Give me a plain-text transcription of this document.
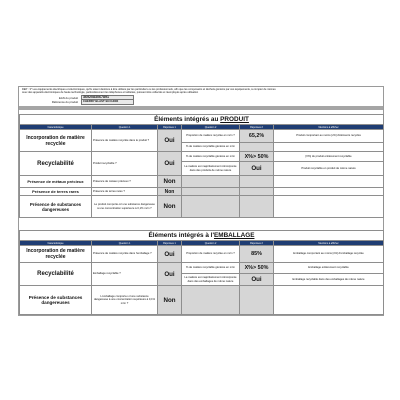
DEP : 3° Les équipements électriques et électroniques, qu'ils soient destinés à être utilisés par les particuliers ou les professionnels, afin que les composants et déchets générés par ces équipements, à compter de mêmes
ceux des appareils électroniques de haute technologie, particulièrement les téléphones et tablettes, puissent être collectés et réemployés après utilisation
EAN du produit	3692083067891
Référence du produit	CHERRY BLAST 99 CHOIX
Éléments intégrés au PRODUIT					
Caractéristique	Question 1	Réponses 1	Question 2	Réponses 2	Mentions à afficher
Incorporation de matière recyclée	Présence de matière recyclée dans le produit ?	Oui	Proportion de matière recyclée en m/m ?	65,2%	Produit comportant au moins [x%] d'éléments recyclés
			% de matière recyclable générée en m/m		
Recyclabilité	Produit recyclable ?	Oui	% de matière recyclable générée en m/m	X%> 50%	[X%] du produit entièrement recyclable
			La matière est majoritairement réincorporée dans des produits de même nature	Oui	Produit recyclable en produit de même nature
Présence de métaux précieux	Présence de métaux précieux ?	Non			
Présence de terres rares	Présence de terres rares ?	Non			
Présence de substances dangereuses	Le produit comporte-t-il une substance dangereuse à une concentration supérieure à 0,1% m/m ?	Non			
Éléments intégrés à l'EMBALLAGE					
Caractéristique	Question 1	Réponses 1	Question 2	Réponses 2	Mentions à afficher
Incorporation de matière recyclée	Présence de matière recyclée dans l'emballage ?	Oui	Proportion de matière recyclée en m/m ?	85%	Emballage comportant au moins [x%] d'emballage recyclée
Recyclabilité	Emballage recyclable ?	Oui	% de matière recyclable générée en m/m	X%> 50%	Emballage entièrement recyclable
			La matière est majoritairement réincorporée dans des emballages de même nature	Oui	Emballage recyclable dans des emballages de même nature
Présence de substances dangereuses	L'emballage comporte-t-il une substance dangereuse à une concentration supérieure à 0,1% m/m ?	Non			
